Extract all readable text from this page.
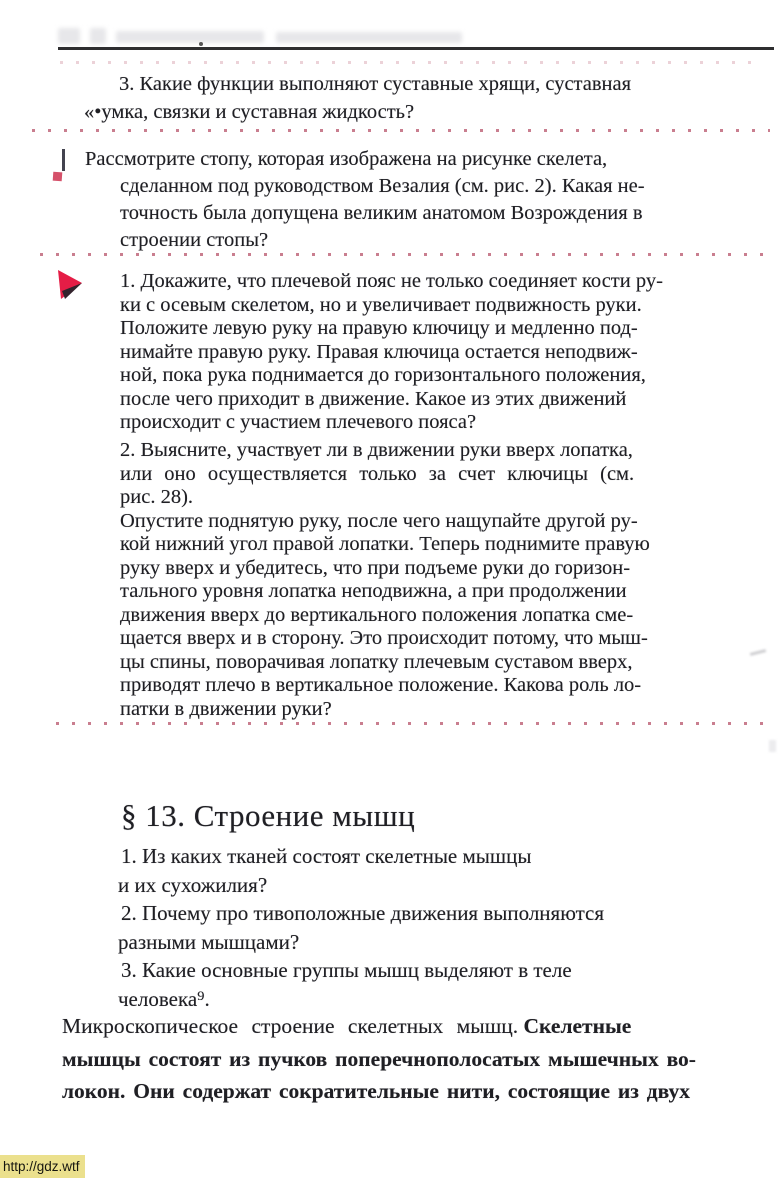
3. Какие функции выполняют суставные хрящи, суставная
«•умка, связки и суставная жидкость?
Рассмотрите стопу, которая изображена на рисунке скелета,
сделанном под руководством Везалия (см. рис. 2). Какая не-
точность была допущена великим анатомом Возрождения в
строении стопы?
1. Докажите, что плечевой пояс не только соединяет кости ру-
ки с осевым скелетом, но и увеличивает подвижность руки.
Положите левую руку на правую ключицу и медленно под-
нимайте правую руку. Правая ключица остается неподвиж-
ной, пока рука поднимается до горизонтального положения,
после чего приходит в движение. Какое из этих движений
происходит с участием плечевого пояса?
2. Выясните, участвует ли в движении руки вверх лопатка,
или оно осуществляется только за счет ключицы (см.
рис. 28).
Опустите поднятую руку, после чего нащупайте другой ру-
кой нижний угол правой лопатки. Теперь поднимите правую
руку вверх и убедитесь, что при подъеме руки до горизон-
тального уровня лопатка неподвижна, а при продолжении
движения вверх до вертикального положения лопатка сме-
щается вверх и в сторону. Это происходит потому, что мыш-
цы спины, поворачивая лопатку плечевым суставом вверх,
приводят плечо в вертикальное положение. Какова роль ло-
патки в движении руки?
§ 13. Строение мышц
1. Из каких тканей состоят скелетные мышцы
и их сухожилия?
2. Почему про тивоположные движения выполняются
разными мышцами?
3. Какие основные группы мышц выделяют в теле
человека⁹.
Микроскопическое строение скелетных мышц. Скелетные
мышцы состоят из пучков поперечнополосатых мышечных во-
локон. Они содержат сократительные нити, состоящие из двух
http://gdz.wtf
